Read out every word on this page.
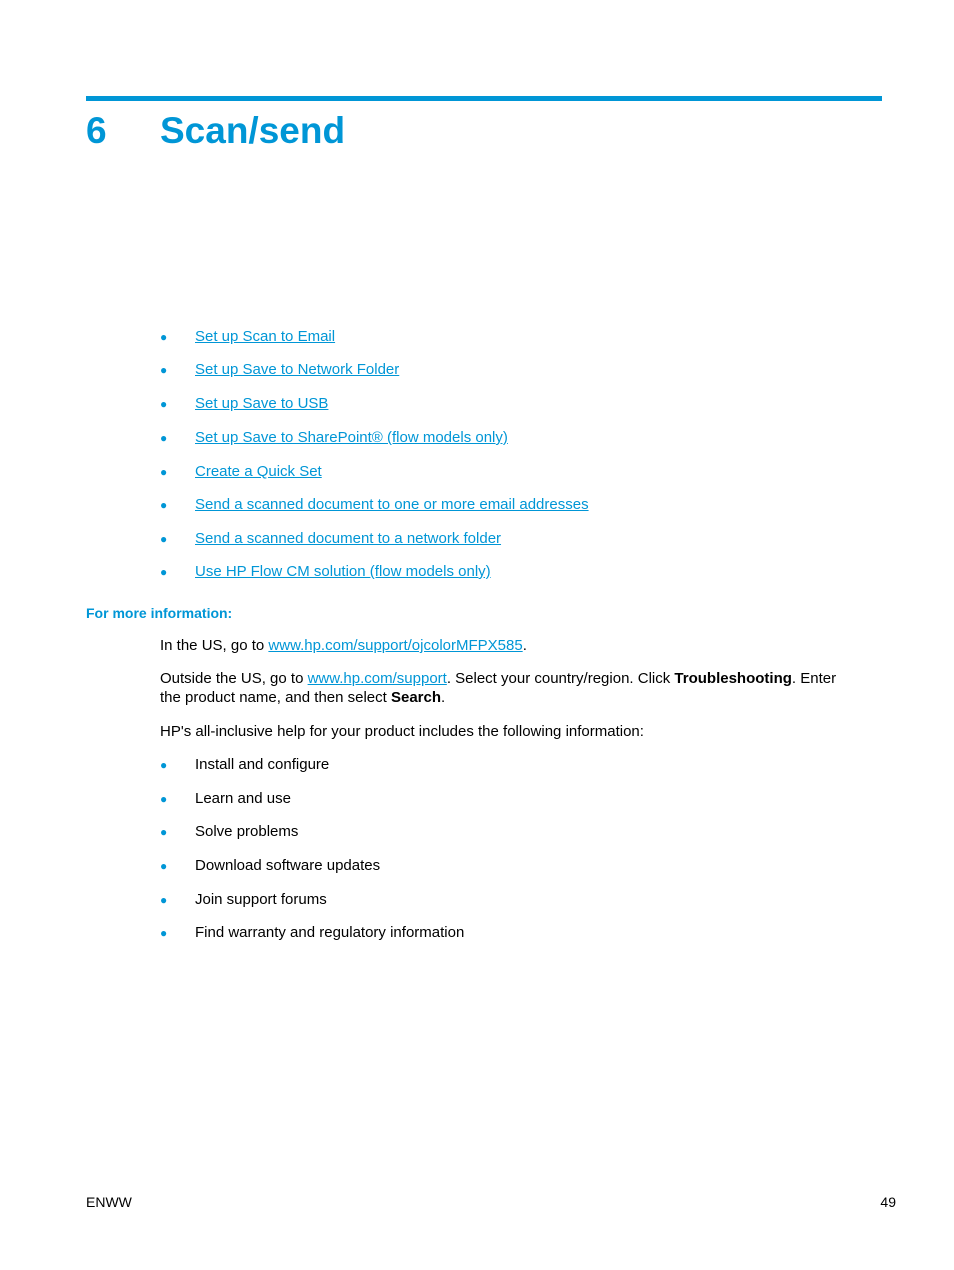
6 Scan/send
● Set up Scan to Email
● Set up Save to Network Folder
● Set up Save to USB
● Set up Save to SharePoint® (flow models only)
● Create a Quick Set
● Send a scanned document to one or more email addresses
● Send a scanned document to a network folder
● Use HP Flow CM solution (flow models only)
For more information:
In the US, go to www.hp.com/support/ojcolorMFPX585.
Outside the US, go to www.hp.com/support. Select your country/region. Click Troubleshooting. Enter the product name, and then select Search.
HP's all-inclusive help for your product includes the following information:
● Install and configure
● Learn and use
● Solve problems
● Download software updates
● Join support forums
● Find warranty and regulatory information
ENWW	49
